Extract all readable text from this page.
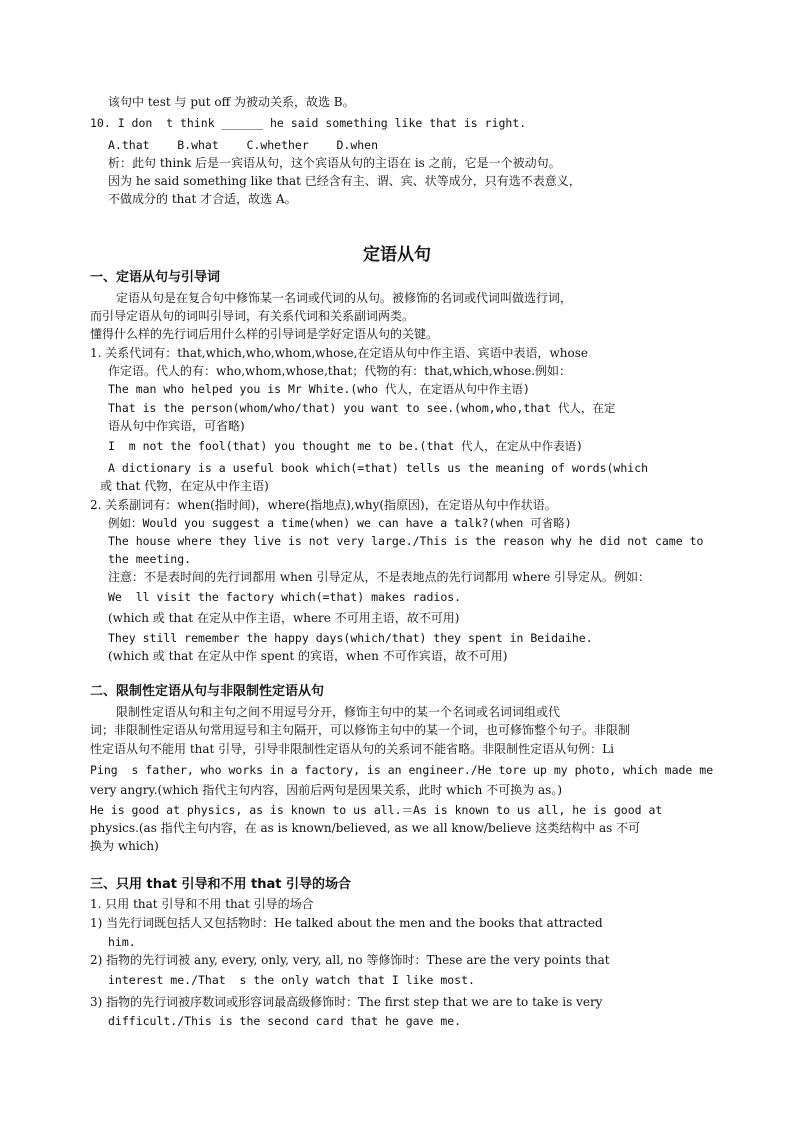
该句中 test 与 put off 为被动关系，故选 B。
10. I don  t think ______ he said something like that is right.
A.that    B.what    C.whether    D.when
析：此句 think 后是一宾语从句，这个宾语从句的主语在 is 之前，它是一个被动句。
因为 he said something like that 已经含有主、谓、宾、状等成分，只有选不表意义，
不做成分的 that 才合适，故选 A。
定语从句
一、定语从句与引导词
定语从句是在复合句中修饰某一名词或代词的从句。被修饰的名词或代词叫做选行词，
而引导定语从句的词叫引导词，有关系代词和关系副词两类。
懂得什么样的先行词后用什么样的引导词是学好定语从句的关键。
1. 关系代词有：that,which,who,whom,whose,在定语从句中作主语、宾语中表语，whose
作定语。代人的有：who,whom,whose,that；代物的有：that,which,whose.例如：
The man who helped you is Mr White.(who 代人，在定语从句中作主语)
That is the person(whom/who/that) you want to see.(whom,who,that 代人，在定
语从句中作宾语，可省略)
I  m not the fool(that) you thought me to be.(that 代人，在定从中作表语)
A dictionary is a useful book which(=that) tells us the meaning of words(which
或 that 代物，在定从中作主语)
2. 关系副词有：when(指时间)，where(指地点),why(指原因)，在定语从句中作状语。
例如：Would you suggest a time(when) we can have a talk?(when 可省略)
The house where they live is not very large./This is the reason why he did not came to
the meeting.
注意：不是表时间的先行词都用 when 引导定从，不是表地点的先行词都用 where 引导定从。例如：
We  ll visit the factory which(=that) makes radios.
(which 或 that 在定从中作主语，where 不可用主语，故不可用)
They still remember the happy days(which/that) they spent in Beidaihe.
(which 或 that 在定从中作 spent 的宾语，when 不可作宾语，故不可用)
二、限制性定语从句与非限制性定语从句
限制性定语从句和主句之间不用逗号分开，修饰主句中的某一个名词或名词词组或代
词；非限制性定语从句常用逗号和主句隔开，可以修饰主句中的某一个词，也可修饰整个句子。非限制
性定语从句不能用 that 引导，引导非限制性定语从句的关系词不能省略。非限制性定语从句例：Li
Ping  s father, who works in a factory, is an engineer./He tore up my photo, which made me
very angry.(which 指代主句内容，因前后两句是因果关系，此时 which 不可换为 as。)
He is good at physics, as is known to us all.＝As is known to us all, he is good at
physics.(as 指代主句内容，在 as is known/believed, as we all know/believe 这类结构中 as 不可
换为 which)
三、只用 that 引导和不用 that 引导的场合
1. 只用 that 引导和不用 that 引导的场合
1) 当先行词既包括人又包括物时：He talked about the men and the books that attracted
him.
2) 指物的先行词被 any, every, only, very, all, no 等修饰时：These are the very points that
interest me./That  s the only watch that I like most.
3) 指物的先行词被序数词或形容词最高级修饰时：The first step that we are to take is very
difficult./This is the second card that he gave me.
